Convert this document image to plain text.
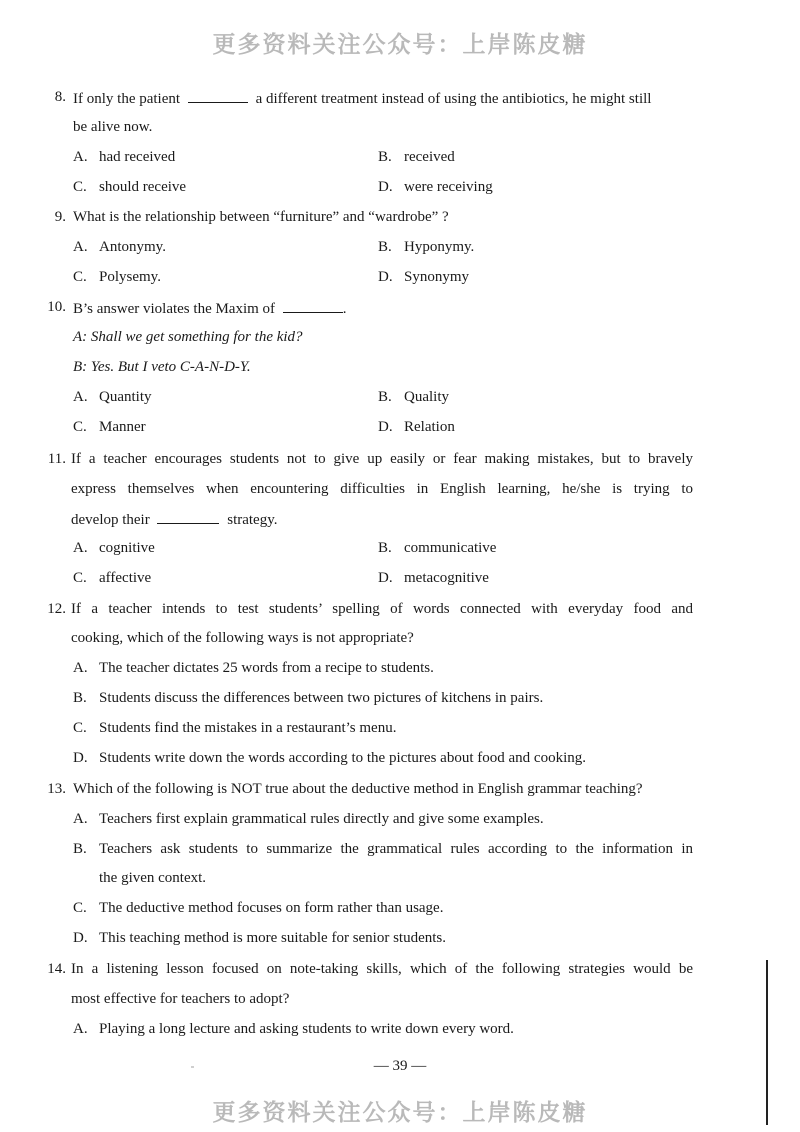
更多资料关注公众号：上岸陈皮糖
8. If only the patient	a different treatment instead of using the antibiotics, he might still
be alive now.
A. had received	B. received
C. should receive	D. were receiving
9. What is the relationship between “furniture” and “wardrobe” ?
A. Antonymy.	B. Hyponymy.
C. Polysemy.	D. Synonymy
10. B’s answer violates the Maxim of	.
A: Shall we get something for the kid?
B: Yes. But I veto C-A-N-D-Y.
A. Quantity	B. Quality
C. Manner	D. Relation
11. If a teacher encourages students not to give up easily or fear making mistakes, but to bravely
express themselves when encountering difficulties in English learning, he/she is trying to
develop their	strategy.
A. cognitive	B. communicative
C. affective	D. metacognitive
12. If a teacher intends to test students’ spelling of words connected with everyday food and
cooking, which of the following ways is not appropriate?
A. The teacher dictates 25 words from a recipe to students.
B. Students discuss the differences between two pictures of kitchens in pairs.
C. Students find the mistakes in a restaurant’s menu.
D. Students write down the words according to the pictures about food and cooking.
13. Which of the following is NOT true about the deductive method in English grammar teaching?
A. Teachers first explain grammatical rules directly and give some examples.
B. Teachers ask students to summarize the grammatical rules according to the information in
the given context.
C. The deductive method focuses on form rather than usage.
D. This teaching method is more suitable for senior students.
14. In a listening lesson focused on note-taking skills, which of the following strategies would be
most effective for teachers to adopt?
A. Playing a long lecture and asking students to write down every word.
— 39 —
更多资料关注公众号：上岸陈皮糖
